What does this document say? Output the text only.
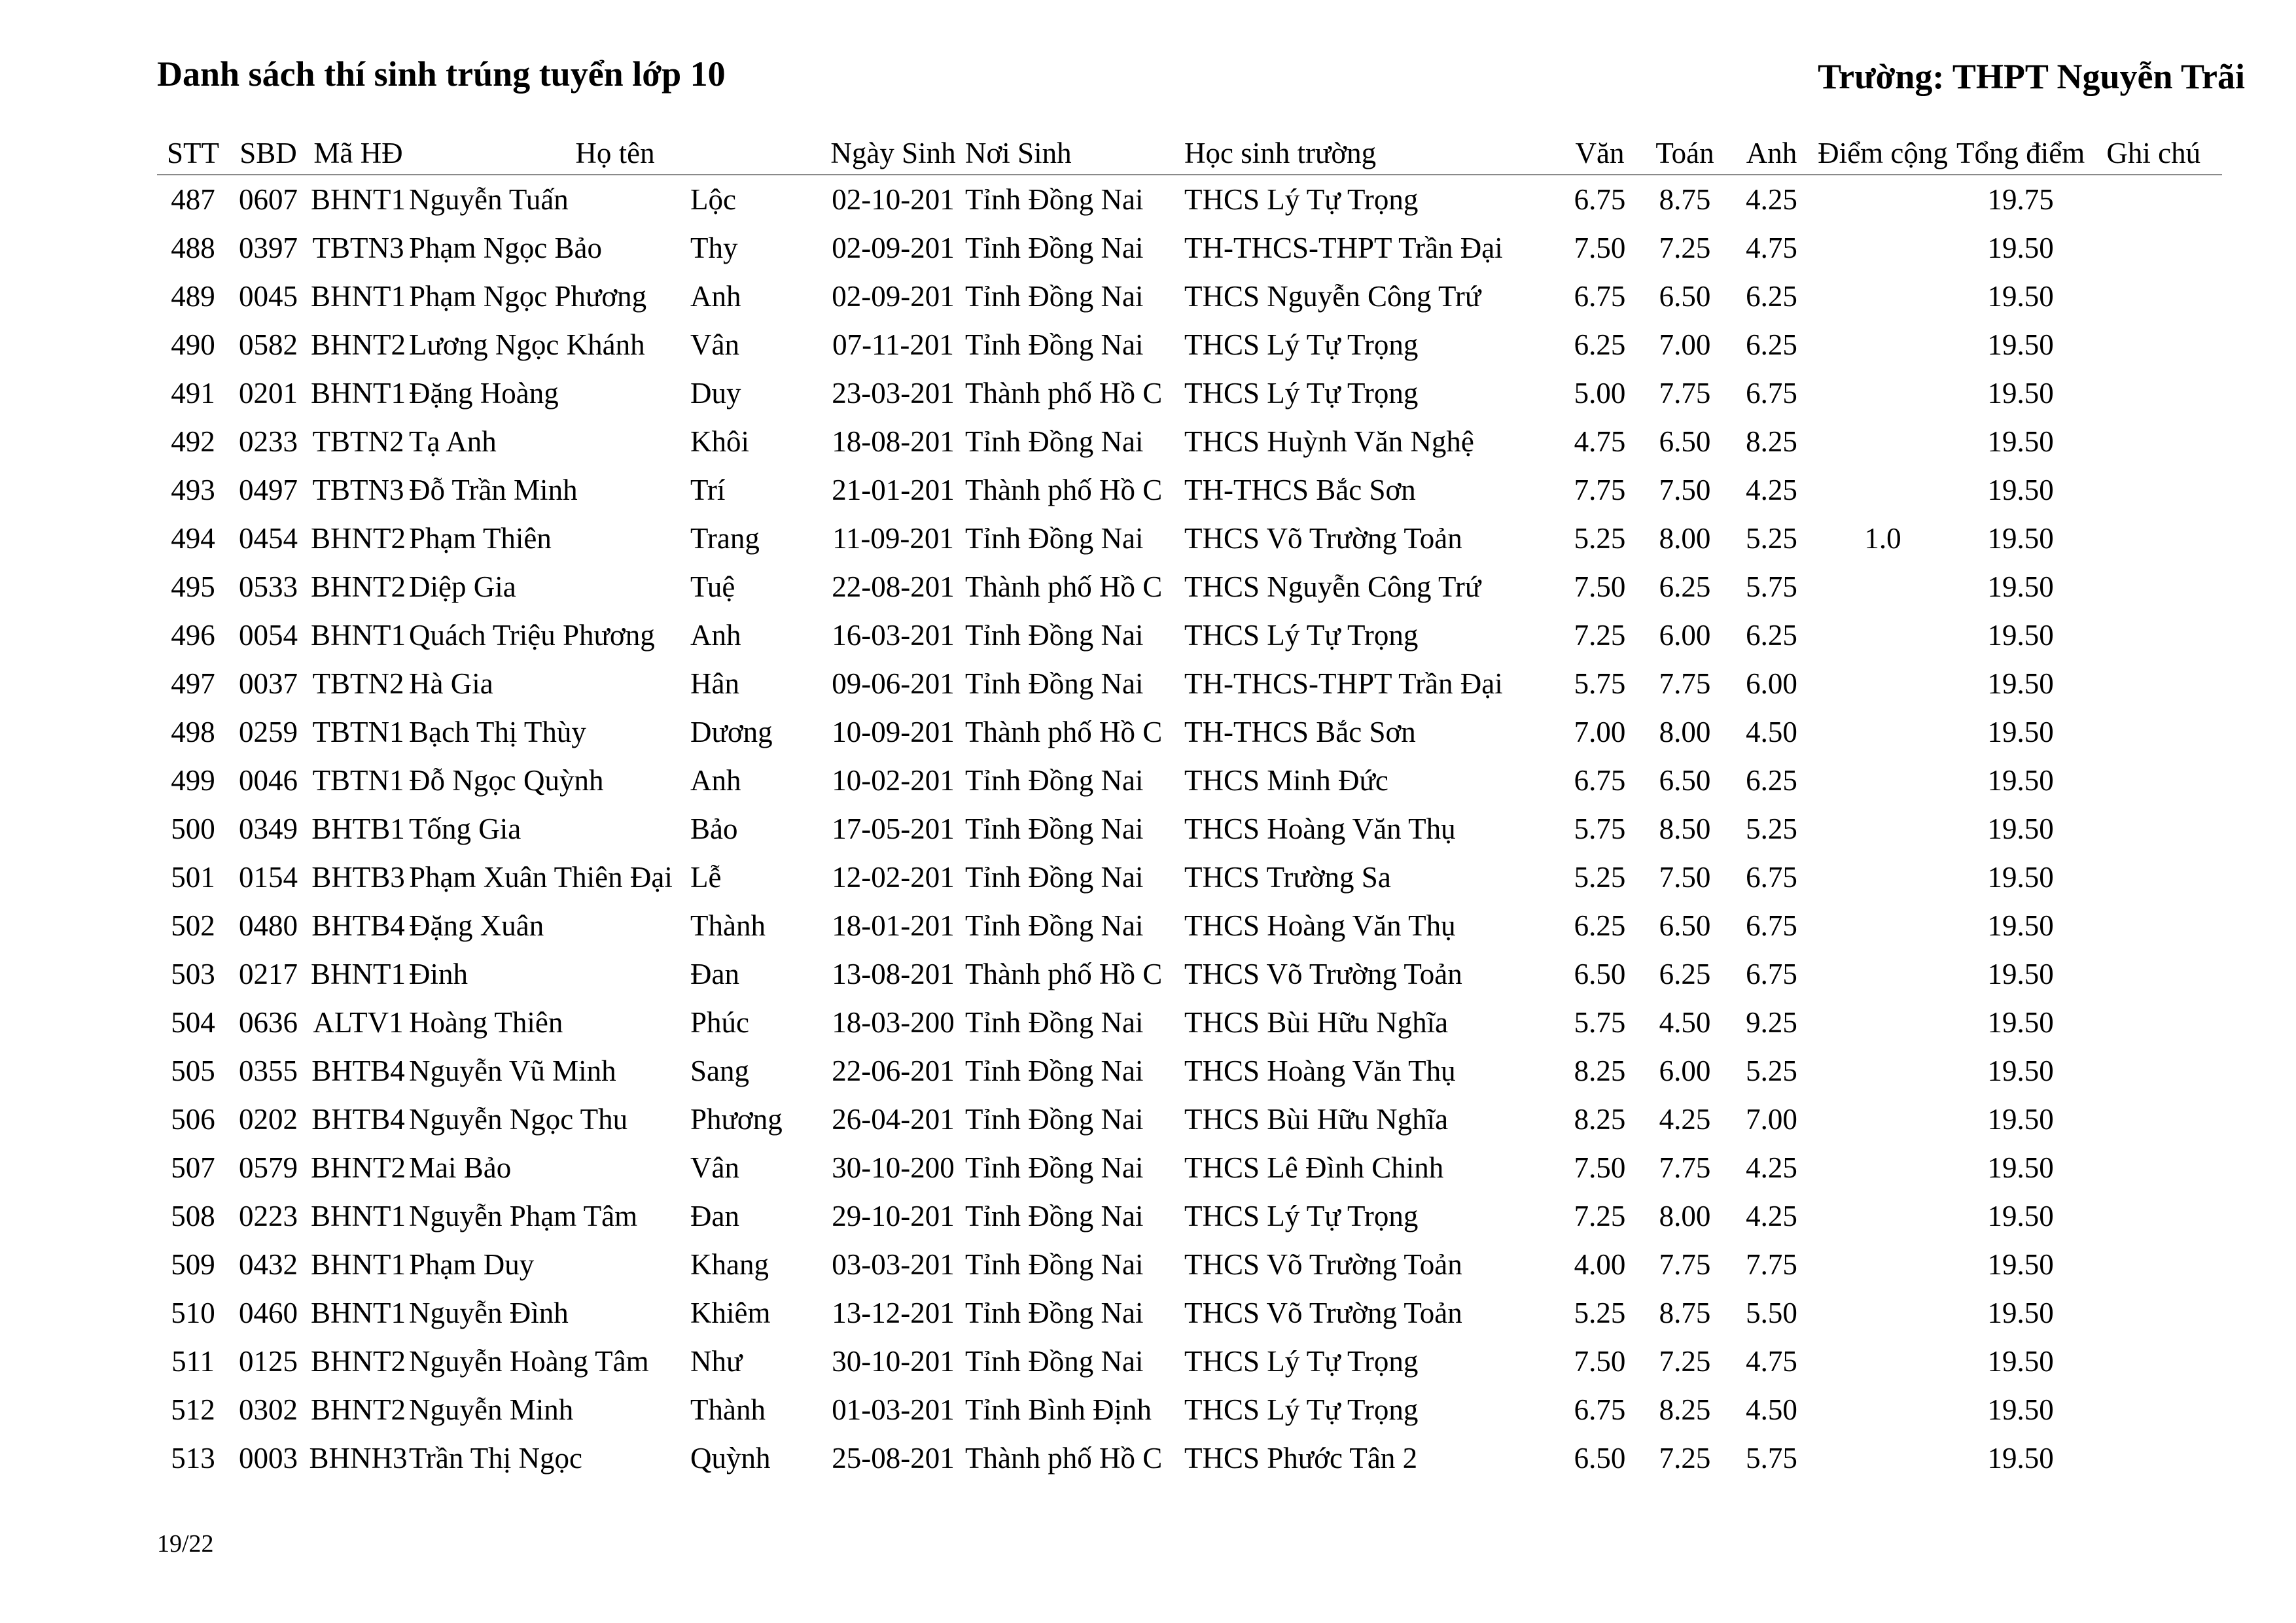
Danh sách thí sinh trúng tuyển lớp 10	Trường: THPT Nguyễn Trãi
STT	SBD	Mã HĐ	Họ tên		Ngày Sinh	Nơi Sinh	Học sinh trường	Văn	Toán	Anh	Điểm cộng	Tổng điểm	Ghi chú
487	0607	BHNT1	Nguyễn Tuấn	Lộc	02-10-201	Tỉnh Đồng Nai	THCS Lý Tự Trọng	6.75	8.75	4.25		19.75	
488	0397	TBTN3	Phạm Ngọc Bảo	Thy	02-09-201	Tỉnh Đồng Nai	TH-THCS-THPT Trần Đại	7.50	7.25	4.75		19.50	
489	0045	BHNT1	Phạm Ngọc Phương	Anh	02-09-201	Tỉnh Đồng Nai	THCS Nguyễn Công Trứ	6.75	6.50	6.25		19.50	
490	0582	BHNT2	Lương Ngọc Khánh	Vân	07-11-201	Tỉnh Đồng Nai	THCS Lý Tự Trọng	6.25	7.00	6.25		19.50	
491	0201	BHNT1	Đặng Hoàng	Duy	23-03-201	Thành phố Hồ C	THCS Lý Tự Trọng	5.00	7.75	6.75		19.50	
492	0233	TBTN2	Tạ Anh	Khôi	18-08-201	Tỉnh Đồng Nai	THCS Huỳnh Văn Nghệ	4.75	6.50	8.25		19.50	
493	0497	TBTN3	Đỗ Trần Minh	Trí	21-01-201	Thành phố Hồ C	TH-THCS Bắc Sơn	7.75	7.50	4.25		19.50	
494	0454	BHNT2	Phạm Thiên	Trang	11-09-201	Tỉnh Đồng Nai	THCS Võ Trường Toản	5.25	8.00	5.25	1.0	19.50	
495	0533	BHNT2	Diệp Gia	Tuệ	22-08-201	Thành phố Hồ C	THCS Nguyễn Công Trứ	7.50	6.25	5.75		19.50	
496	0054	BHNT1	Quách Triệu Phương	Anh	16-03-201	Tỉnh Đồng Nai	THCS Lý Tự Trọng	7.25	6.00	6.25		19.50	
497	0037	TBTN2	Hà Gia	Hân	09-06-201	Tỉnh Đồng Nai	TH-THCS-THPT Trần Đại	5.75	7.75	6.00		19.50	
498	0259	TBTN1	Bạch Thị Thùy	Dương	10-09-201	Thành phố Hồ C	TH-THCS Bắc Sơn	7.00	8.00	4.50		19.50	
499	0046	TBTN1	Đỗ Ngọc Quỳnh	Anh	10-02-201	Tỉnh Đồng Nai	THCS Minh Đức	6.75	6.50	6.25		19.50	
500	0349	BHTB1	Tống Gia	Bảo	17-05-201	Tỉnh Đồng Nai	THCS Hoàng Văn Thụ	5.75	8.50	5.25		19.50	
501	0154	BHTB3	Phạm Xuân Thiên Đại	Lễ	12-02-201	Tỉnh Đồng Nai	THCS Trường Sa	5.25	7.50	6.75		19.50	
502	0480	BHTB4	Đặng Xuân	Thành	18-01-201	Tỉnh Đồng Nai	THCS Hoàng Văn Thụ	6.25	6.50	6.75		19.50	
503	0217	BHNT1	Đinh	Đan	13-08-201	Thành phố Hồ C	THCS Võ Trường Toản	6.50	6.25	6.75		19.50	
504	0636	ALTV1	Hoàng Thiên	Phúc	18-03-200	Tỉnh Đồng Nai	THCS Bùi Hữu Nghĩa	5.75	4.50	9.25		19.50	
505	0355	BHTB4	Nguyễn Vũ Minh	Sang	22-06-201	Tỉnh Đồng Nai	THCS Hoàng Văn Thụ	8.25	6.00	5.25		19.50	
506	0202	BHTB4	Nguyễn Ngọc Thu	Phương	26-04-201	Tỉnh Đồng Nai	THCS Bùi Hữu Nghĩa	8.25	4.25	7.00		19.50	
507	0579	BHNT2	Mai Bảo	Vân	30-10-200	Tỉnh Đồng Nai	THCS Lê Đình Chinh	7.50	7.75	4.25		19.50	
508	0223	BHNT1	Nguyễn Phạm Tâm	Đan	29-10-201	Tỉnh Đồng Nai	THCS Lý Tự Trọng	7.25	8.00	4.25		19.50	
509	0432	BHNT1	Phạm Duy	Khang	03-03-201	Tỉnh Đồng Nai	THCS Võ Trường Toản	4.00	7.75	7.75		19.50	
510	0460	BHNT1	Nguyễn Đình	Khiêm	13-12-201	Tỉnh Đồng Nai	THCS Võ Trường Toản	5.25	8.75	5.50		19.50	
511	0125	BHNT2	Nguyễn Hoàng Tâm	Như	30-10-201	Tỉnh Đồng Nai	THCS Lý Tự Trọng	7.50	7.25	4.75		19.50	
512	0302	BHNT2	Nguyễn Minh	Thành	01-03-201	Tỉnh Bình Định	THCS Lý Tự Trọng	6.75	8.25	4.50		19.50	
513	0003	BHNH3	Trần Thị Ngọc	Quỳnh	25-08-201	Thành phố Hồ C	THCS Phước Tân 2	6.50	7.25	5.75		19.50	
19/22
